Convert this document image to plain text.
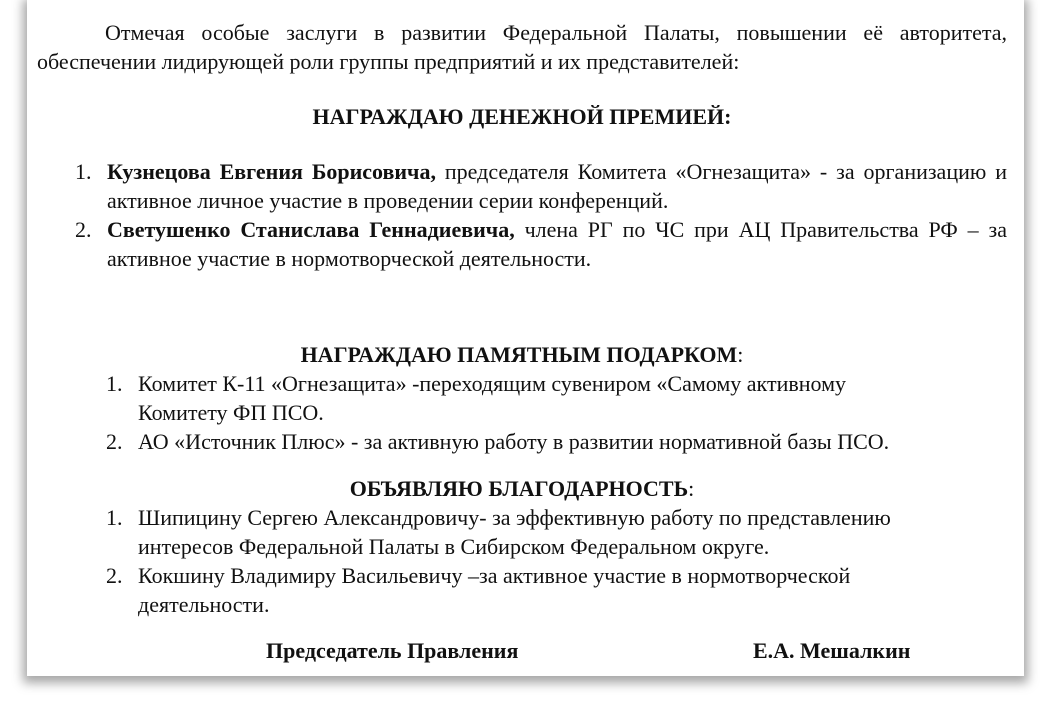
Отмечая особые заслуги в развитии Федеральной Палаты, повышении её авторитета, обеспечении лидирующей роли группы предприятий и их представителей:

НАГРАЖДАЮ ДЕНЕЖНОЙ ПРЕМИЕЙ:

1. Кузнецова Евгения Борисовича, председателя Комитета «Огнезащита» - за организацию и активное личное участие в проведении серии конференций.
2. Светушенко Станислава Геннадиевича, члена РГ по ЧС при АЦ Правительства РФ – за активное участие в нормотворческой деятельности.

НАГРАЖДАЮ ПАМЯТНЫМ ПОДАРКОМ:

1. Комитет К-11 «Огнезащита» -переходящим сувениром «Самому активному Комитету ФП ПСО.
2. АО «Источник Плюс» - за активную работу в развитии нормативной базы ПСО.

ОБЪЯВЛЯЮ БЛАГОДАРНОСТЬ:

1. Шипицину Сергею Александровичу- за эффективную работу по представлению интересов Федеральной Палаты в Сибирском Федеральном округе.
2. Кокшину Владимиру Васильевичу –за активное участие в нормотворческой деятельности.
Председатель Правления	Е.А. Мешалкин
